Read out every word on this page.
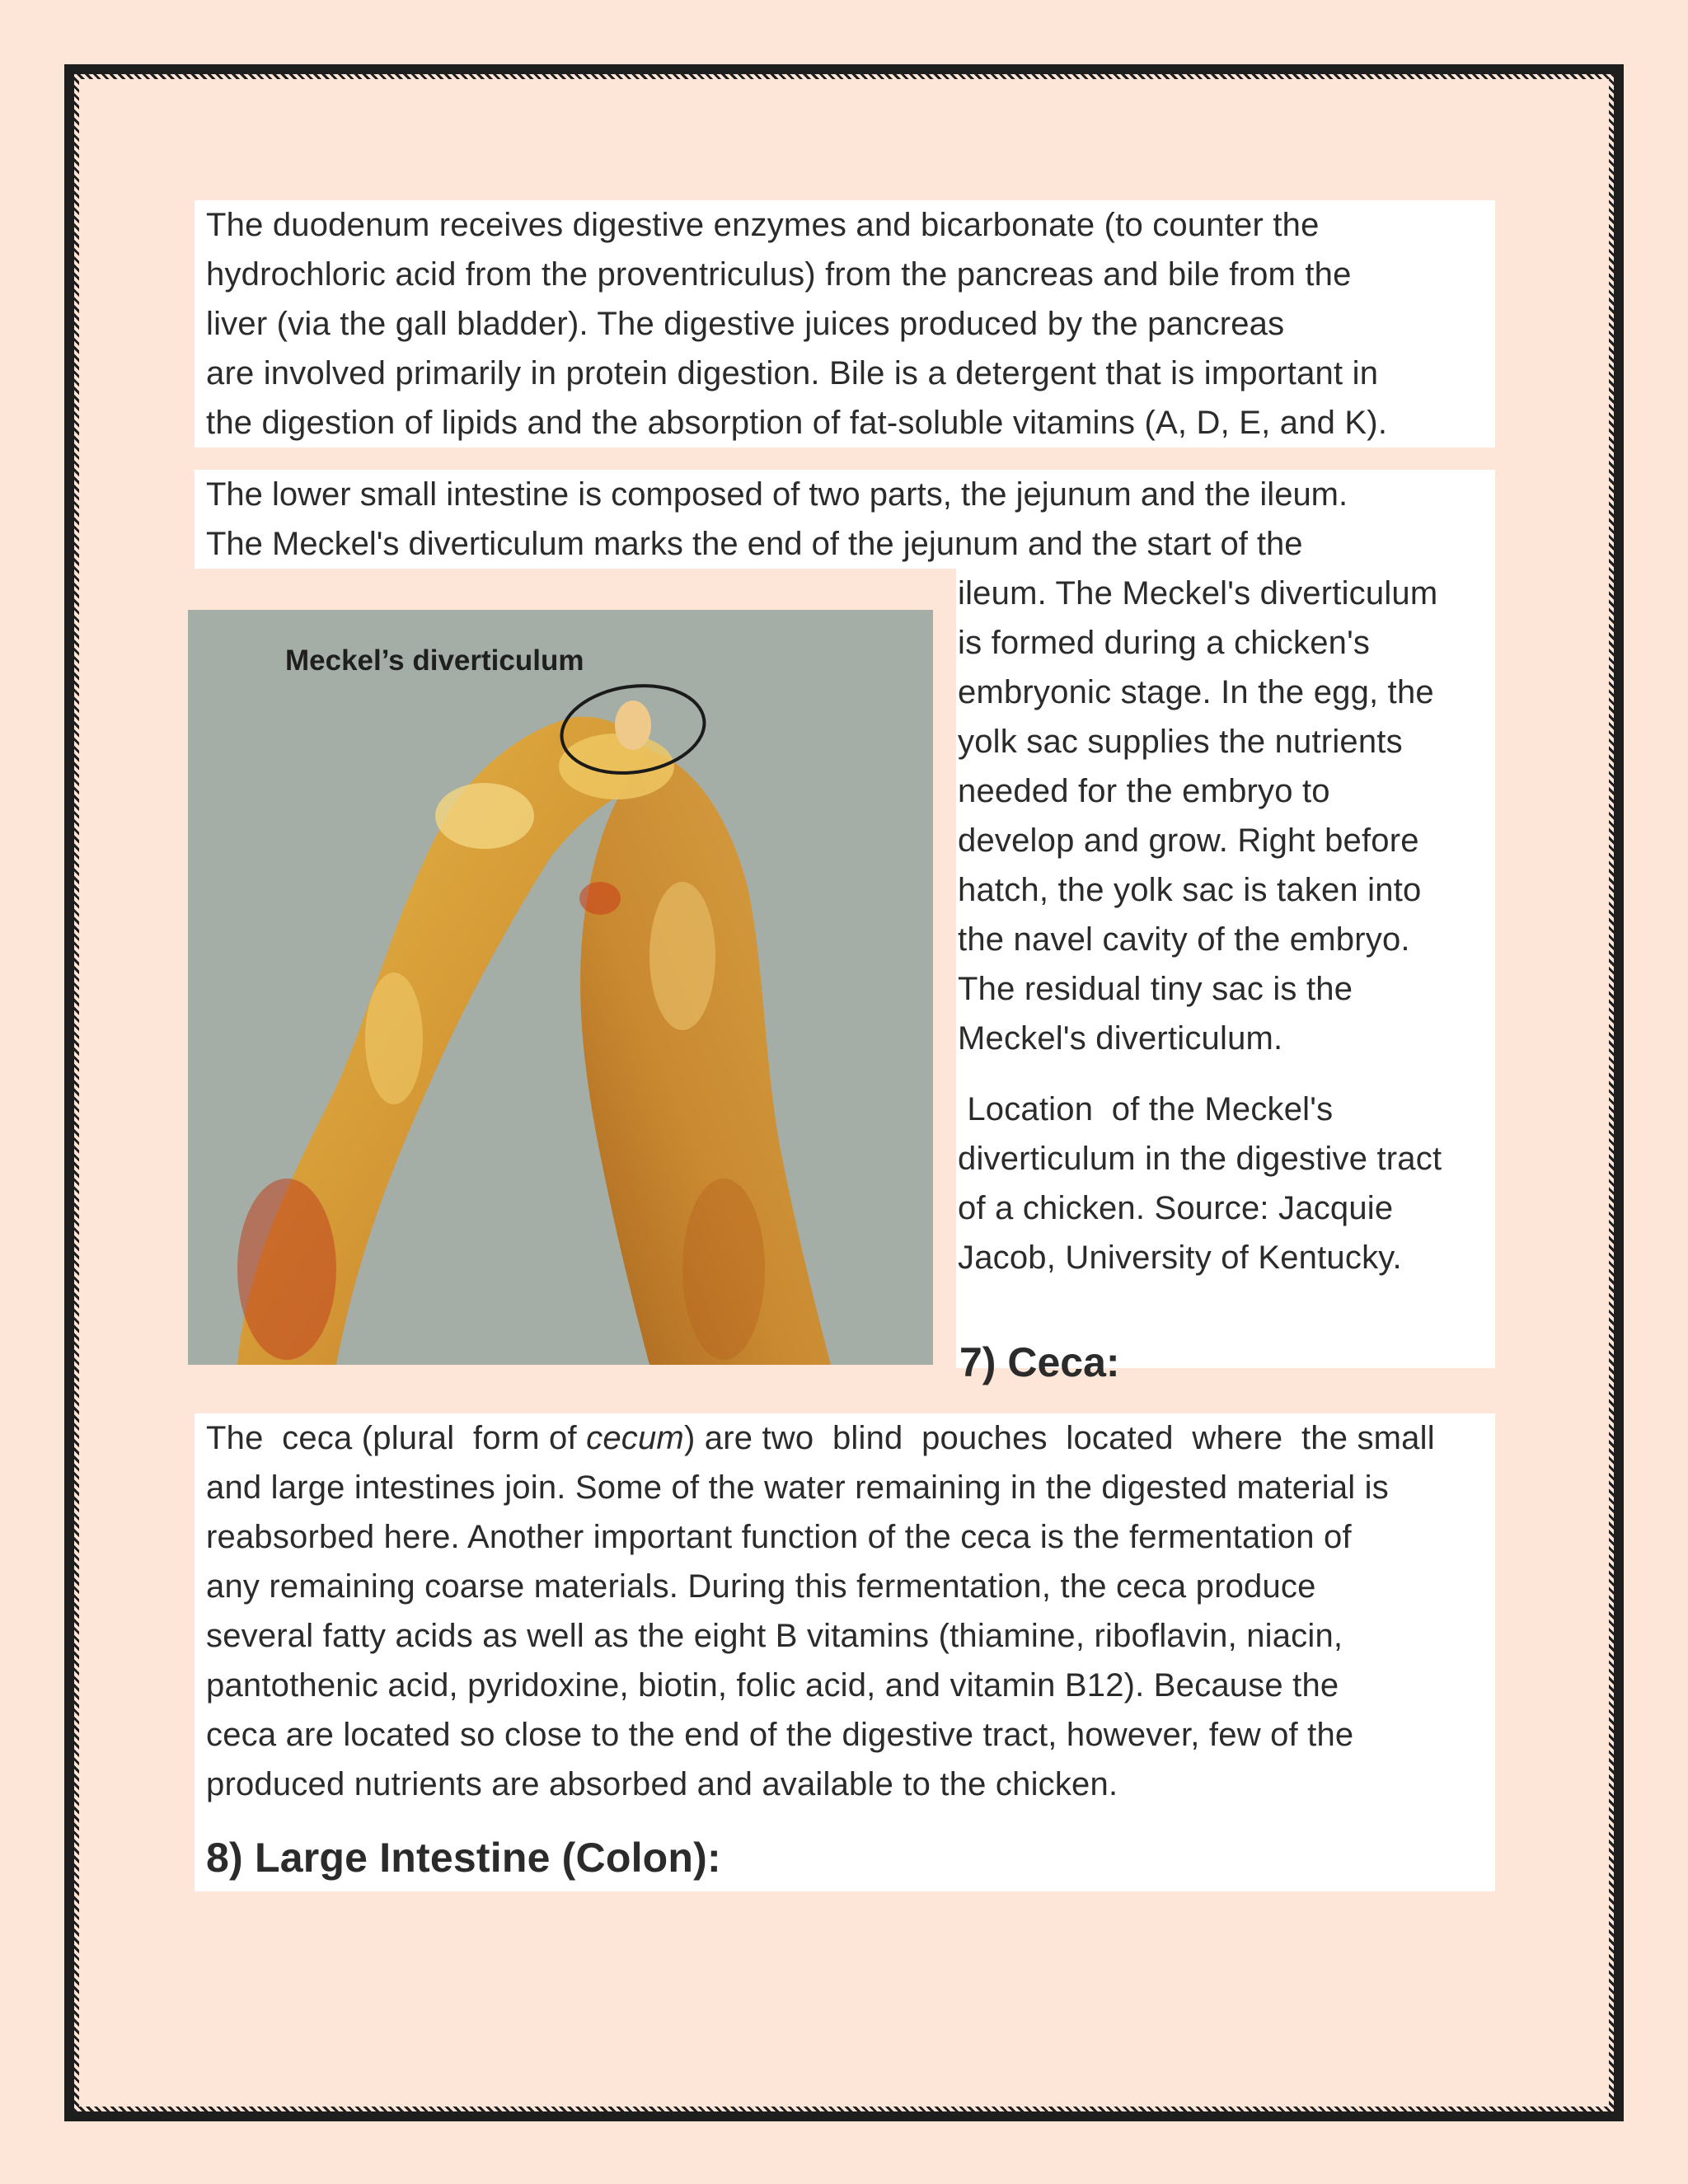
The duodenum receives digestive enzymes and bicarbonate (to counter the
hydrochloric acid from the proventriculus) from the pancreas and bile from the
liver (via the gall bladder). The digestive juices produced by the pancreas
are involved primarily in protein digestion. Bile is a detergent that is important in
the digestion of lipids and the absorption of fat-soluble vitamins (A, D, E, and K).

The lower small intestine is composed of two parts, the jejunum and the ileum.
The Meckel's diverticulum marks the end of the jejunum and the start of the

ileum. The Meckel's diverticulum
is formed during a chicken's
embryonic stage. In the egg, the
yolk sac supplies the nutrients
needed for the embryo to
develop and grow. Right before
hatch, the yolk sac is taken into
the navel cavity of the embryo.
The residual tiny sac is the
Meckel's diverticulum.

Location  of the Meckel's
diverticulum in the digestive tract
of a chicken. Source: Jacquie
Jacob, University of Kentucky.

7) Ceca:
Meckel’s diverticulum

The  ceca (plural  form of cecum) are two  blind  pouches  located  where  the small
and large intestines join. Some of the water remaining in the digested material is
reabsorbed here. Another important function of the ceca is the fermentation of
any remaining coarse materials. During this fermentation, the ceca produce
several fatty acids as well as the eight B vitamins (thiamine, riboflavin, niacin,
pantothenic acid, pyridoxine, biotin, folic acid, and vitamin B12). Because the
ceca are located so close to the end of the digestive tract, however, few of the
produced nutrients are absorbed and available to the chicken.

8) Large Intestine (Colon):
